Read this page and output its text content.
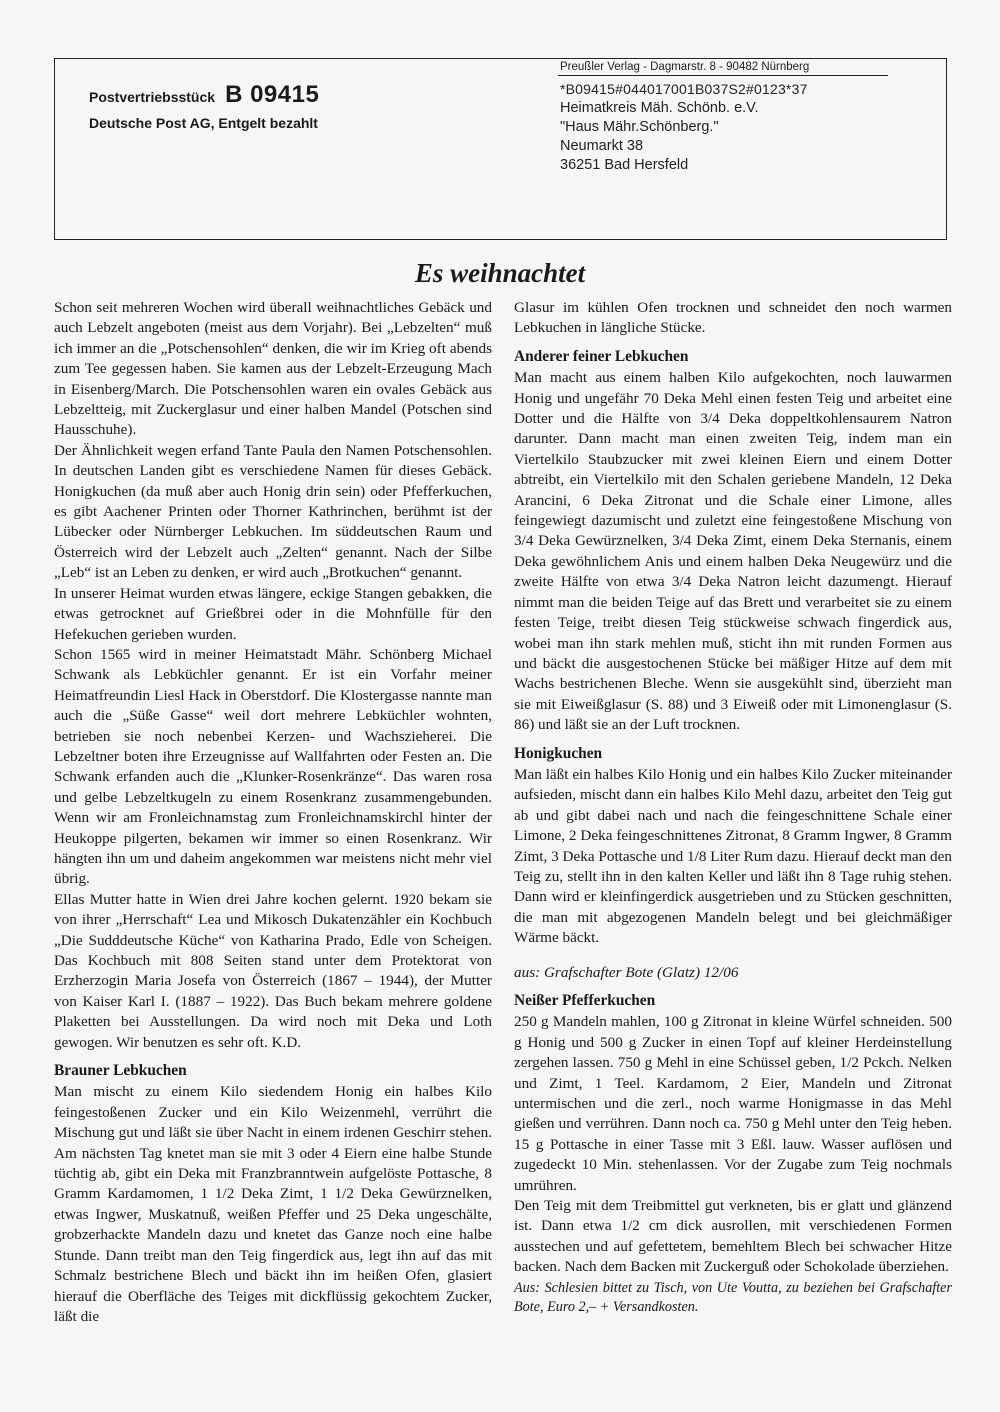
Postvertriebsstück B 09415
Deutsche Post AG, Entgelt bezahlt
Preußler Verlag - Dagmarstr. 8 - 90482 Nürnberg
*B09415#044017001B037S2#0123*37
Heimatkreis Mäh. Schönb. e.V.
"Haus Mähr.Schönberg."
Neumarkt 38
36251 Bad Hersfeld
Es weihnachtet

Schon seit mehreren Wochen wird überall weihnachtliches Gebäck und auch Lebzelt angeboten (meist aus dem Vorjahr). Bei „Lebzelten“ muß ich immer an die „Potschensohlen“ denken, die wir im Krieg oft abends zum Tee gegessen haben. Sie kamen aus der Lebzelt-Erzeugung Mach in Eisenberg/March. Die Potschensohlen waren ein ovales Gebäck aus Lebzeltteig, mit Zuckerglasur und einer halben Mandel (Potschen sind Hausschuhe).

Der Ähnlichkeit wegen erfand Tante Paula den Namen Potschensohlen. In deutschen Landen gibt es verschiedene Namen für dieses Gebäck. Honigkuchen (da muß aber auch Honig drin sein) oder Pfefferkuchen, es gibt Aachener Printen oder Thorner Kathrinchen, berühmt ist der Lübecker oder Nürnberger Lebkuchen. Im süddeutschen Raum und Österreich wird der Lebzelt auch „Zelten“ genannt. Nach der Silbe „Leb“ ist an Leben zu denken, er wird auch „Brotkuchen“ genannt.

In unserer Heimat wurden etwas längere, eckige Stangen gebakken, die etwas getrocknet auf Grießbrei oder in die Mohnfülle für den Hefekuchen gerieben wurden.

Schon 1565 wird in meiner Heimatstadt Mähr. Schönberg Michael Schwank als Lebküchler genannt. Er ist ein Vorfahr meiner Heimatfreundin Liesl Hack in Oberstdorf. Die Klostergasse nannte man auch die „Süße Gasse“ weil dort mehrere Lebküchler wohnten, betrieben sie noch nebenbei Kerzen- und Wachszieherei. Die Lebzeltner boten ihre Erzeugnisse auf Wallfahrten oder Festen an. Die Schwank erfanden auch die „Klunker-Rosenkränze“. Das waren rosa und gelbe Lebzeltkugeln zu einem Rosenkranz zusammengebunden. Wenn wir am Fronleichnamstag zum Fronleichnamskirchl hinter der Heukoppe pilgerten, bekamen wir immer so einen Rosenkranz. Wir hängten ihn um und daheim angekommen war meistens nicht mehr viel übrig.

Ellas Mutter hatte in Wien drei Jahre kochen gelernt. 1920 bekam sie von ihrer „Herrschaft“ Lea und Mikosch Dukatenzähler ein Kochbuch „Die Sudddeutsche Küche“ von Katharina Prado, Edle von Scheigen. Das Kochbuch mit 808 Seiten stand unter dem Protektorat von Erzherzogin Maria Josefa von Österreich (1867 – 1944), der Mutter von Kaiser Karl I. (1887 – 1922). Das Buch bekam mehrere goldene Plaketten bei Ausstellungen. Da wird noch mit Deka und Loth gewogen. Wir benutzen es sehr oft. K.D.

Brauner Lebkuchen

Man mischt zu einem Kilo siedendem Honig ein halbes Kilo feingestoßenen Zucker und ein Kilo Weizenmehl, verrührt die Mischung gut und läßt sie über Nacht in einem irdenen Geschirr stehen. Am nächsten Tag knetet man sie mit 3 oder 4 Eiern eine halbe Stunde tüchtig ab, gibt ein Deka mit Franzbranntwein aufgelöste Pottasche, 8 Gramm Kardamomen, 1 1/2 Deka Zimt, 1 1/2 Deka Gewürznelken, etwas Ingwer, Muskatnuß, weißen Pfeffer und 25 Deka ungeschälte, grobzerhackte Mandeln dazu und knetet das Ganze noch eine halbe Stunde. Dann treibt man den Teig fingerdick aus, legt ihn auf das mit Schmalz bestrichene Blech und bäckt ihn im heißen Ofen, glasiert hierauf die Oberfläche des Teiges mit dickflüssig gekochtem Zucker, läßt die

Glasur im kühlen Ofen trocknen und schneidet den noch warmen Lebkuchen in längliche Stücke.

Anderer feiner Lebkuchen

Man macht aus einem halben Kilo aufgekochten, noch lauwarmen Honig und ungefähr 70 Deka Mehl einen festen Teig und arbeitet eine Dotter und die Hälfte von 3/4 Deka doppeltkohlensaurem Natron darunter. Dann macht man einen zweiten Teig, indem man ein Viertelkilo Staubzucker mit zwei kleinen Eiern und einem Dotter abtreibt, ein Viertelkilo mit den Schalen geriebene Mandeln, 12 Deka Arancini, 6 Deka Zitronat und die Schale einer Limone, alles feingewiegt dazumischt und zuletzt eine feingestoßene Mischung von 3/4 Deka Gewürznelken, 3/4 Deka Zimt, einem Deka Sternanis, einem Deka gewöhnlichem Anis und einem halben Deka Neugewürz und die zweite Hälfte von etwa 3/4 Deka Natron leicht dazumengt. Hierauf nimmt man die beiden Teige auf das Brett und verarbeitet sie zu einem festen Teige, treibt diesen Teig stückweise schwach fingerdick aus, wobei man ihn stark mehlen muß, sticht ihn mit runden Formen aus und bäckt die ausgestochenen Stücke bei mäßiger Hitze auf dem mit Wachs bestrichenen Bleche. Wenn sie ausgekühlt sind, überzieht man sie mit Eiweißglasur (S. 88) und 3 Eiweiß oder mit Limonenglasur (S. 86) und läßt sie an der Luft trocknen.

Honigkuchen

Man läßt ein halbes Kilo Honig und ein halbes Kilo Zucker miteinander aufsieden, mischt dann ein halbes Kilo Mehl dazu, arbeitet den Teig gut ab und gibt dabei nach und nach die feingeschnittene Schale einer Limone, 2 Deka feingeschnittenes Zitronat, 8 Gramm Ingwer, 8 Gramm Zimt, 3 Deka Pottasche und 1/8 Liter Rum dazu. Hierauf deckt man den Teig zu, stellt ihn in den kalten Keller und läßt ihn 8 Tage ruhig stehen. Dann wird er kleinfingerdick ausgetrieben und zu Stücken geschnitten, die man mit abgezogenen Mandeln belegt und bei gleichmäßiger Wärme bäckt.

aus: Grafschafter Bote (Glatz) 12/06

Neißer Pfefferkuchen

250 g Mandeln mahlen, 100 g Zitronat in kleine Würfel schneiden. 500 g Honig und 500 g Zucker in einen Topf auf kleiner Herdeinstellung zergehen lassen. 750 g Mehl in eine Schüssel geben, 1/2 Pckch. Nelken und Zimt, 1 Teel. Kardamom, 2 Eier, Mandeln und Zitronat untermischen und die zerl., noch warme Honigmasse in das Mehl gießen und verrühren. Dann noch ca. 750 g Mehl unter den Teig heben. 15 g Pottasche in einer Tasse mit 3 Eßl. lauw. Wasser auflösen und zugedeckt 10 Min. stehenlassen. Vor der Zugabe zum Teig nochmals umrühren.

Den Teig mit dem Treibmittel gut verkneten, bis er glatt und glänzend ist. Dann etwa 1/2 cm dick ausrollen, mit verschiedenen Formen ausstechen und auf gefettetem, bemehltem Blech bei schwacher Hitze backen. Nach dem Backen mit Zuckerguß oder Schokolade überziehen.

Aus: Schlesien bittet zu Tisch, von Ute Voutta, zu beziehen bei Grafschafter Bote, Euro 2,– + Versandkosten.
